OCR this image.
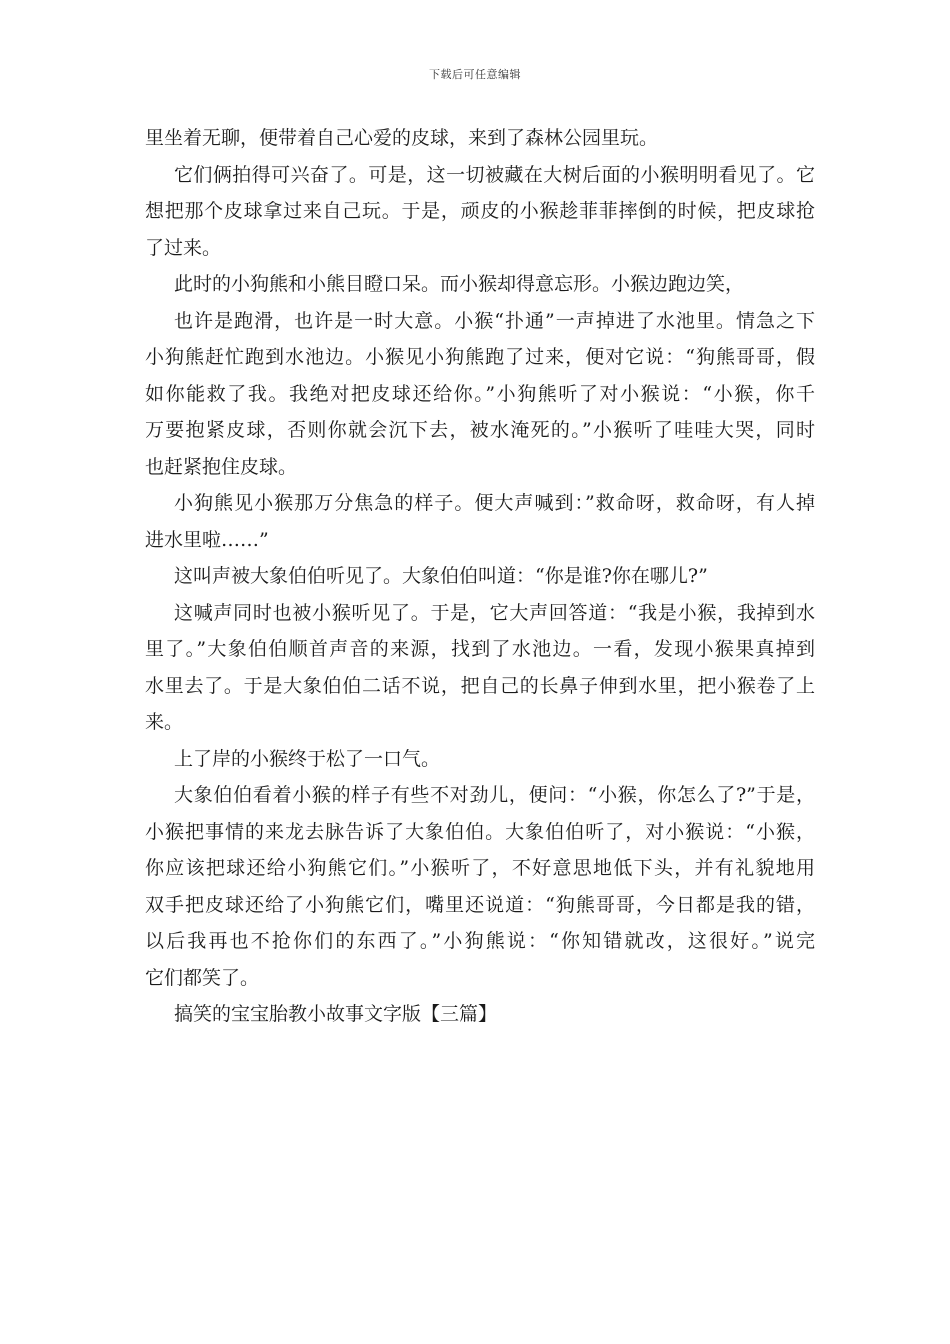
下载后可任意编辑
里坐着无聊，便带着自己心爱的皮球，来到了森林公园里玩。
它们俩拍得可兴奋了。可是，这一切被藏在大树后面的小猴明明看见了。它
想把那个皮球拿过来自己玩。于是，顽皮的小猴趁菲菲摔倒的时候，把皮球抢
了过来。
此时的小狗熊和小熊目瞪口呆。而小猴却得意忘形。小猴边跑边笑，
也许是跑滑，也许是一时大意。小猴“扑通”一声掉进了水池里。情急之下
小狗熊赶忙跑到水池边。小猴见小狗熊跑了过来，便对它说：“狗熊哥哥，假
如你能救了我。我绝对把皮球还给你。”小狗熊听了对小猴说：“小猴，你千
万要抱紧皮球，否则你就会沉下去，被水淹死的。”小猴听了哇哇大哭，同时
也赶紧抱住皮球。
小狗熊见小猴那万分焦急的样子。便大声喊到：”救命呀，救命呀，有人掉
进水里啦……”
这叫声被大象伯伯听见了。大象伯伯叫道：“你是谁?你在哪儿?”
这喊声同时也被小猴听见了。于是，它大声回答道：“我是小猴，我掉到水
里了。”大象伯伯顺首声音的来源，找到了水池边。一看，发现小猴果真掉到
水里去了。于是大象伯伯二话不说，把自己的长鼻子伸到水里，把小猴卷了上
来。
上了岸的小猴终于松了一口气。
大象伯伯看着小猴的样子有些不对劲儿，便问：“小猴，你怎么了?”于是，
小猴把事情的来龙去脉告诉了大象伯伯。大象伯伯听了，对小猴说：“小猴，
你应该把球还给小狗熊它们。”小猴听了，不好意思地低下头，并有礼貌地用
双手把皮球还给了小狗熊它们，嘴里还说道：“狗熊哥哥，今日都是我的错，
以后我再也不抢你们的东西了。”小狗熊说：“你知错就改，这很好。”说完
它们都笑了。
搞笑的宝宝胎教小故事文字版【三篇】
